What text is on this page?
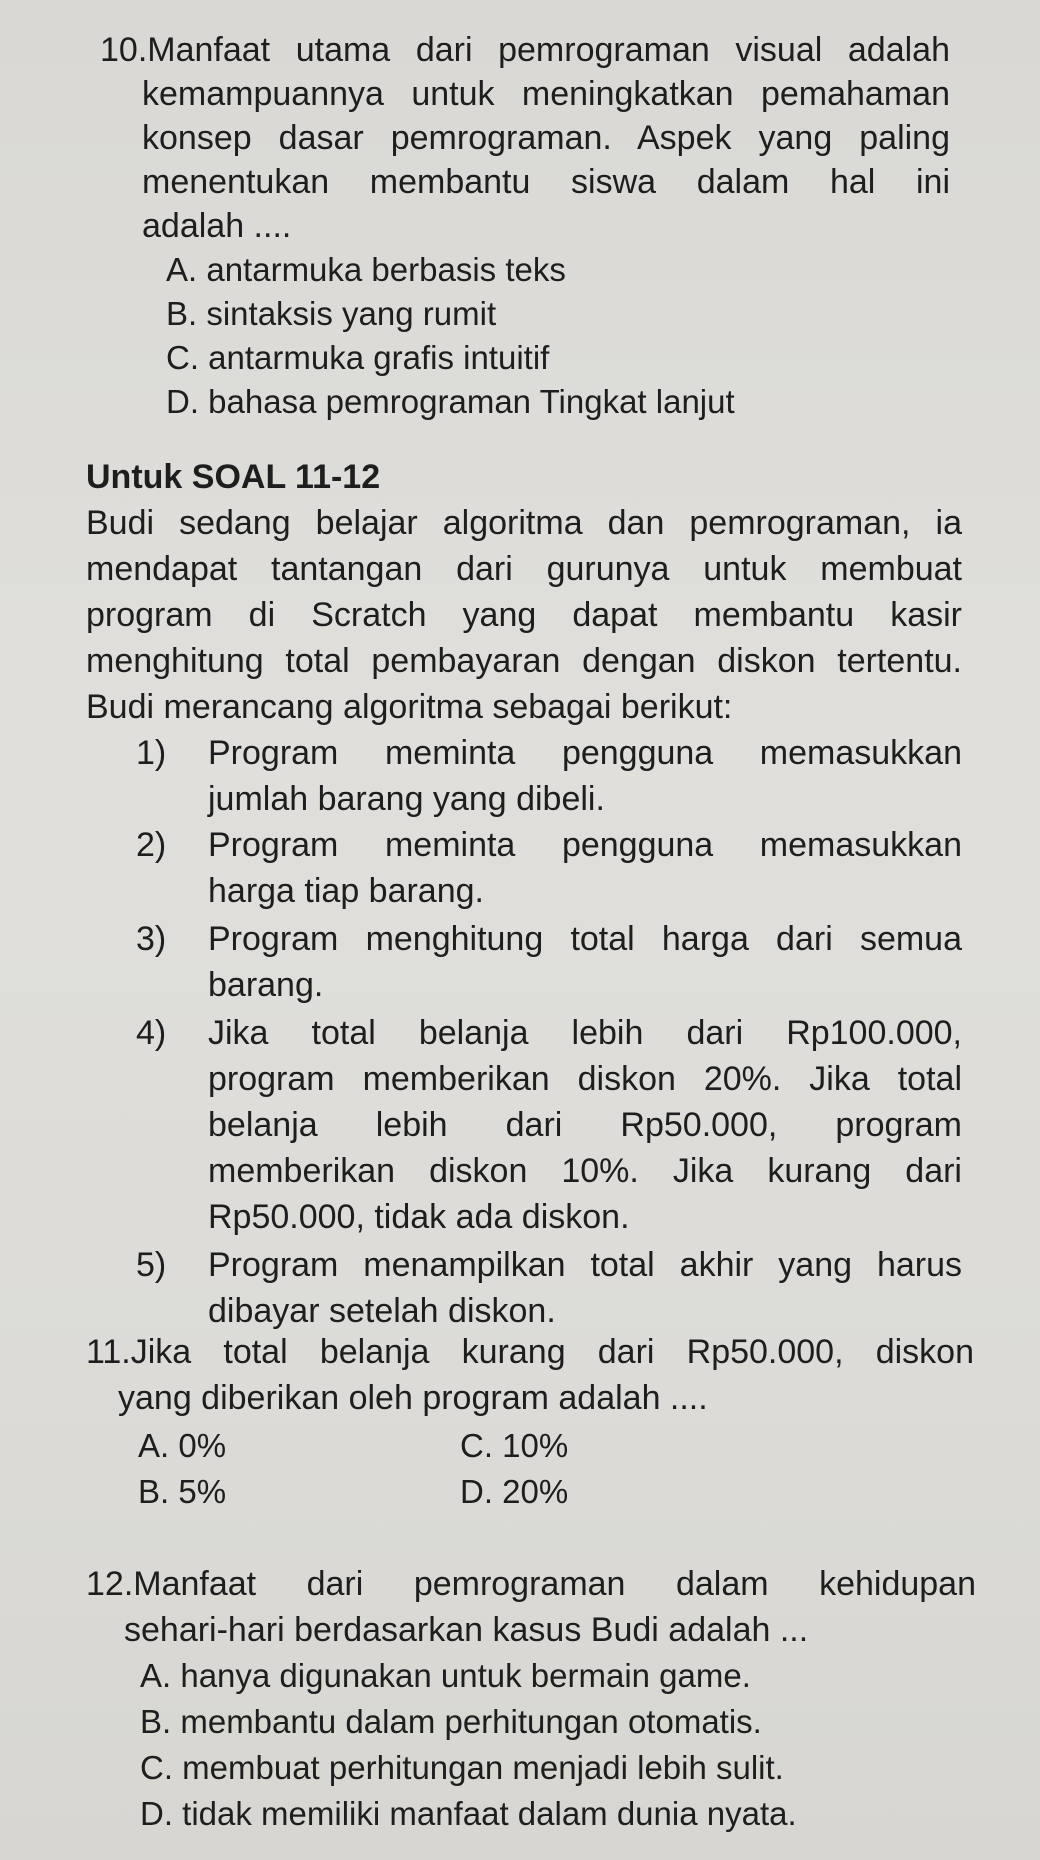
10.Manfaat utama dari pemrograman visual adalah
kemampuannya untuk meningkatkan pemahaman
konsep dasar pemrograman. Aspek yang paling
menentukan membantu siswa dalam hal ini
adalah ....
A. antarmuka berbasis teks
B. sintaksis yang rumit
C. antarmuka grafis intuitif
D. bahasa pemrograman Tingkat lanjut
Untuk SOAL 11-12
Budi sedang belajar algoritma dan pemrograman, ia
mendapat tantangan dari gurunya untuk membuat
program di Scratch yang dapat membantu kasir
menghitung total pembayaran dengan diskon tertentu.
Budi merancang algoritma sebagai berikut:
1) Program meminta pengguna memasukkan
jumlah barang yang dibeli.
2) Program meminta pengguna memasukkan
harga tiap barang.
3) Program menghitung total harga dari semua
barang.
4) Jika total belanja lebih dari Rp100.000,
program memberikan diskon 20%. Jika total
belanja lebih dari Rp50.000, program
memberikan diskon 10%. Jika kurang dari
Rp50.000, tidak ada diskon.
5) Program menampilkan total akhir yang harus
dibayar setelah diskon.
11.Jika total belanja kurang dari Rp50.000, diskon
yang diberikan oleh program adalah ....
A. 0%	C. 10%
B. 5%	D. 20%
12.Manfaat dari pemrograman dalam kehidupan
sehari-hari berdasarkan kasus Budi adalah ...
A. hanya digunakan untuk bermain game.
B. membantu dalam perhitungan otomatis.
C. membuat perhitungan menjadi lebih sulit.
D. tidak memiliki manfaat dalam dunia nyata.
